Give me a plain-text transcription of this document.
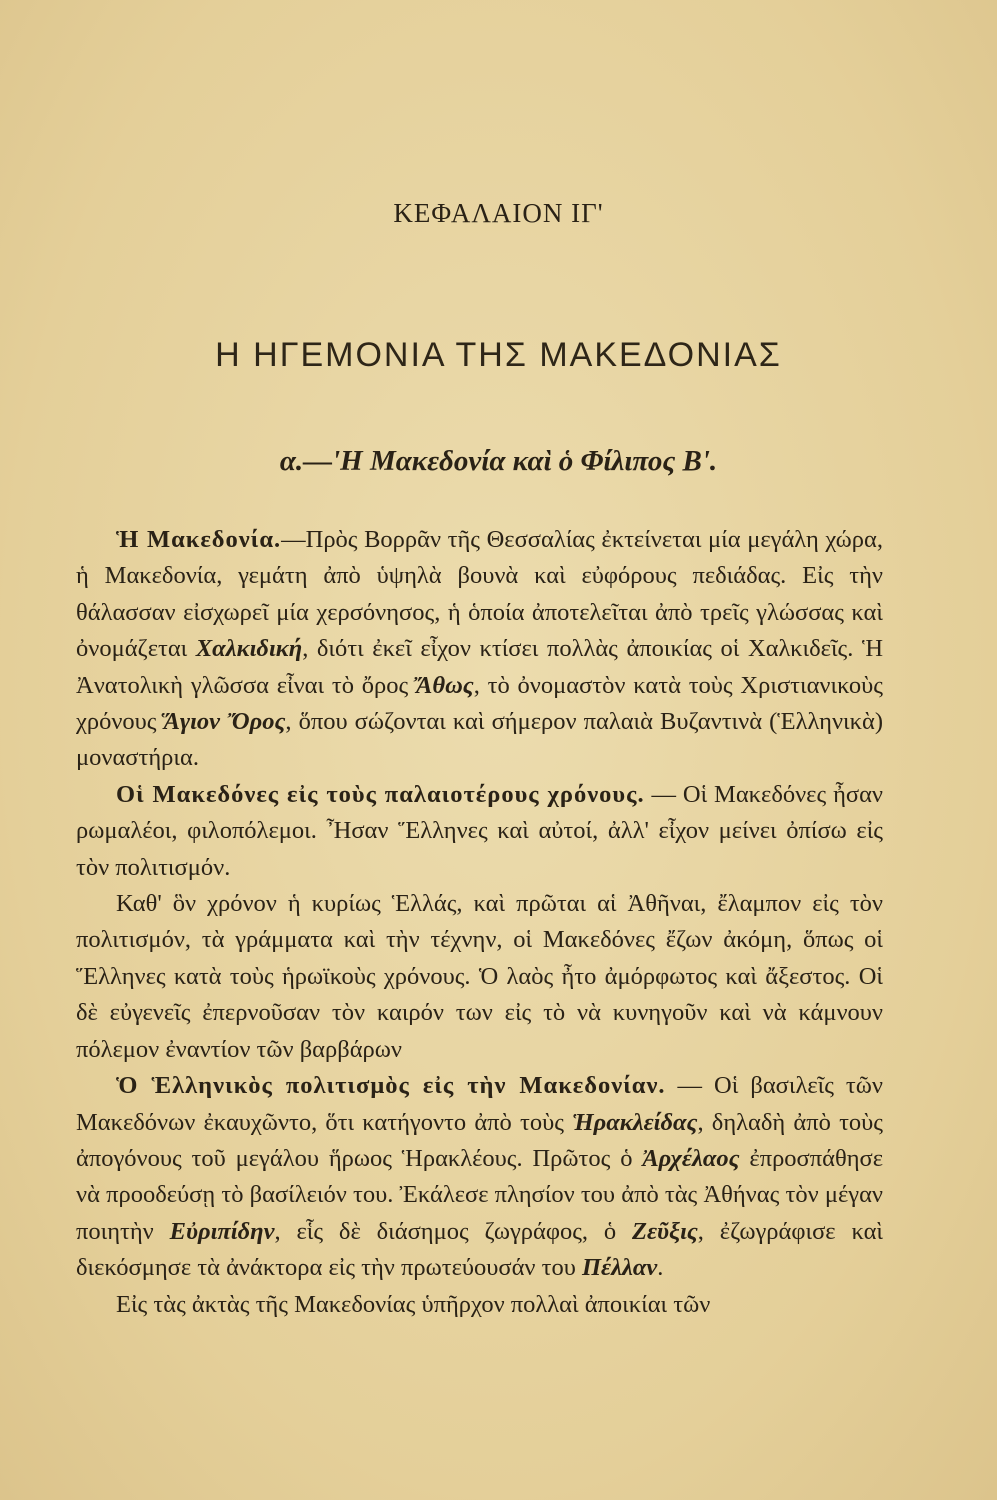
ΚΕΦΑΛΑΙΟΝ ΙΓ'
Η ΗΓΕΜΟΝΙΑ ΤΗΣ ΜΑΚΕΔΟΝΙΑΣ
α.—'Η Μακεδονία καὶ ὁ Φίλιπος Β'.

Ἡ Μακεδονία.—Πρὸς Βορρᾶν τῆς Θεσσαλίας ἐκτείνεται μία μεγάλη χώρα, ἡ Μακεδονία, γεμάτη ἀπὸ ὑψηλὰ βουνὰ καὶ εὐφόρους πεδιάδας. Εἰς τὴν θάλασσαν εἰσχωρεῖ μία χερσόνησος, ἡ ὁποία ἀποτελεῖται ἀπὸ τρεῖς γλώσσας καὶ ὀνομάζεται Χαλκιδική, διότι ἐκεῖ εἶχον κτίσει πολλὰς ἀποικίας οἱ Χαλκιδεῖς. Ἡ Ἀνατολικὴ γλῶσσα εἶναι τὸ ὄρος Ἄθως, τὸ ὀνομαστὸν κατὰ τοὺς Χριστιανικοὺς χρόνους Ἅγιον Ὄρος, ὅπου σώζονται καὶ σήμερον παλαιὰ Βυζαντινὰ (Ἑλληνικὰ) μοναστήρια.

Οἱ Μακεδόνες εἰς τοὺς παλαιοτέρους χρόνους. — Οἱ Μακεδόνες ἦσαν ρωμαλέοι, φιλοπόλεμοι. Ἦσαν Ἕλληνες καὶ αὐτοί, ἀλλ' εἶχον μείνει ὀπίσω εἰς τὸν πολιτισμόν.

Καθ' ὃν χρόνον ἡ κυρίως Ἑλλάς, καὶ πρῶται αἱ Ἀθῆναι, ἔλαμπον εἰς τὸν πολιτισμόν, τὰ γράμματα καὶ τὴν τέχνην, οἱ Μακεδόνες ἔζων ἀκόμη, ὅπως οἱ Ἕλληνες κατὰ τοὺς ἡρωϊκοὺς χρόνους. Ὁ λαὸς ἦτο ἀμόρφωτος καὶ ἄξεστος. Οἱ δὲ εὐγενεῖς ἐπερνοῦσαν τὸν καιρόν των εἰς τὸ νὰ κυνηγοῦν καὶ νὰ κάμνουν πόλεμον ἐναντίον τῶν βαρβάρων

Ὁ Ἑλληνικὸς πολιτισμὸς εἰς τὴν Μακεδονίαν. — Οἱ βασιλεῖς τῶν Μακεδόνων ἐκαυχῶντο, ὅτι κατήγοντο ἀπὸ τοὺς Ἡρακλείδας, δηλαδὴ ἀπὸ τοὺς ἀπογόνους τοῦ μεγάλου ἥρωος Ἡρακλέους. Πρῶτος ὁ Ἀρχέλαος ἐπροσπάθησε νὰ προοδεύσῃ τὸ βασίλειόν του. Ἐκάλεσε πλησίον του ἀπὸ τὰς Ἀθήνας τὸν μέγαν ποιητὴν Εὐριπίδην, εἷς δὲ διάσημος ζωγράφος, ὁ Ζεῦξις, ἐζωγράφισε καὶ διεκόσμησε τὰ ἀνάκτορα εἰς τὴν πρωτεύουσάν του Πέλλαν.

Εἰς τὰς ἀκτὰς τῆς Μακεδονίας ὑπῆρχον πολλαὶ ἀποικίαι τῶν
